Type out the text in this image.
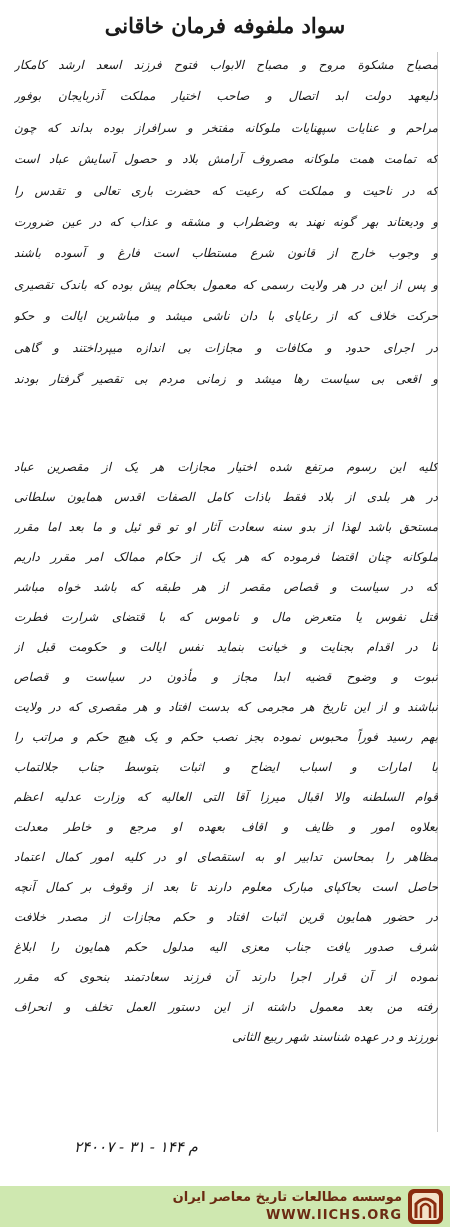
سواد ملفوفه فرمان خاقانی
مصباح مشکوة مروح و مصباح الابواب فتوح فرزند اسعد ارشد کامکار
دلیعهد دولت ابد اتصال و صاحب اختیار مملکت آذربایجان بوفور
مراحم و عنایات سپهنایات ملوکانه مفتخر و سرافراز بوده بداند که چون
که تمامت همت ملوکانه مصروف آرامش بلاد و حصول آسایش عباد است
که در ناحیت و مملکت که رعیت که حضرت باری تعالی و تقدس را
و ودیعتاند بهر گونه نهند به وضطراب و مشقه و عذاب که در عین ضرورت
و وجوب خارج از قانون شرع مستطاب است فارغ و آسوده باشند
و پس از این در هر ولایت رسمی که معمول بحکام پیش بوده که باندک تقصیری
حرکت خلاف که از رعایای با دان ناشی میشد و مباشرین ایالت و حکو
در اجرای حدود و مکافات و مجازات بی اندازه میپرداختند و گاهی
و اقعی بی سیاست رها میشد و زمانی مردم بی تقصیر گرفتار بودند
کلیه این رسوم مرتفع شده اختیار مجازات هر یک از مقصرین عباد
در هر بلدی از بلاد فقط باذات کامل الصفات اقدس همایون سلطانی
مستحق باشد لهذا از بدو سنه سعادت آثار او تو قو ئیل و ما بعد اما مقرر
ملوکانه چنان اقتضا فرموده که هر یک از حکام ممالک امر مقرر داریم
که در سیاست و قصاص مقصر از هر طبقه که باشد خواه مباشر
قتل نفوس یا متعرض مال و ناموس که با قتضای شرارت فطرت
نا در اقدام بجنایت و خیانت بنماید نفس ایالت و حکومت قبل از
ثبوت و وضوح قضیه ابدا مجاز و مأذون در سیاست و قصاص
نباشند و از این تاریخ هر مجرمی که بدست افتاد و هر مقصری که در ولایت
بهم رسید فوراً محبوس نموده بجز نصب حکم و یک هیچ حکم و مراتب را
با امارات و اسباب ایضاح و اثبات بتوسط جناب جلالتماب
قوام السلطنه والا اقبال میرزا آقا التی العالیه که وزارت عدلیه اعظم
بعلاوه امور و ظایف و اقاف بعهده او مرجع و خاطر معدلت
مظاهر را بمحاسن تدابیر او به استقصای او در کلیه امور کمال اعتماد
حاصل است بحاکپای مبارک معلوم دارند تا بعد از وقوف بر کمال آنچه
در حضور همایون قرین اثبات افتاد و حکم مجازات از مصدر خلافت
شرف صدور یافت جناب معزی الیه مدلول حکم همایون را ابلاغ
نموده از آن قرار اجرا دارند آن فرزند سعادتمند بنحوی که مقرر
رفته من بعد معمول داشته از این دستور العمل تخلف و انحراف
نورزند و در عهده شناسند شهر ربیع الثانی
۲۴۰۰۷ - ۳۱ - ۱۴۴ م
موسسه مطالعات تاریخ معاصر ایران
WWW.IICHS.ORG
